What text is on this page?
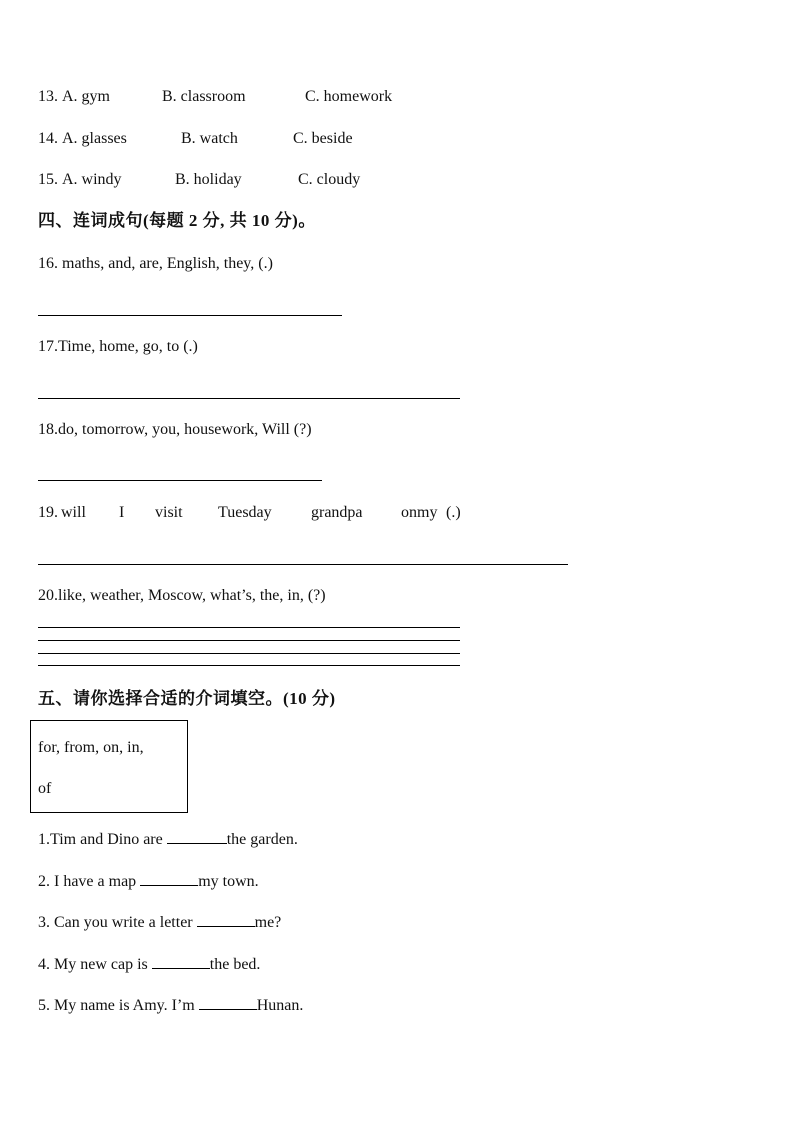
13. A. gym	B. classroom	C. homework
14. A. glasses	B. watch	C. beside
15. A. windy	B. holiday	C. cloudy
四、连词成句(每题 2 分, 共 10 分)。
16. maths, and, are, English, they, (.)
17.Time, home, go, to (.)
18.do, tomorrow, you, housework, Will (?)
19. will I visit Tuesday grandpa onmy (.)
20.like, weather, Moscow, what’s, the, in, (?)
五、请你选择合适的介词填空。(10 分)
for, from, on, in,
of
1.Tim and Dino are	the garden.
2. I have a map	my town.
3. Can you write a letter	me?
4. My new cap is	the bed.
5. My name is Amy. I’m	Hunan.
